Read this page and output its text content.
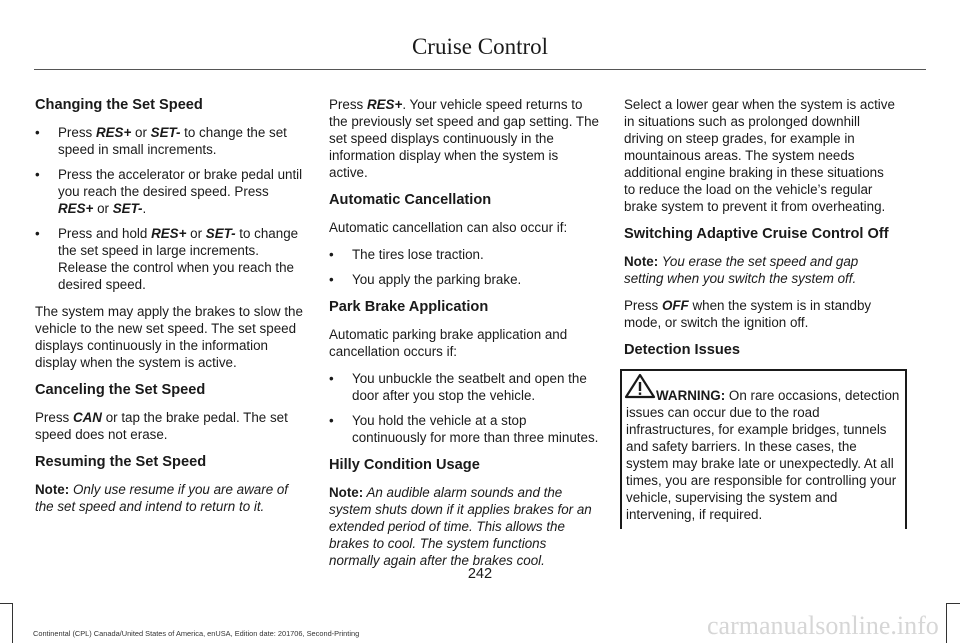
Cruise Control
Changing the Set Speed
• Press RES+ or SET- to change the set speed in small increments.
• Press the accelerator or brake pedal until you reach the desired speed. Press RES+ or SET-.
• Press and hold RES+ or SET- to change the set speed in large increments. Release the control when you reach the desired speed.

The system may apply the brakes to slow the vehicle to the new set speed. The set speed displays continuously in the information display when the system is active.

Canceling the Set Speed

Press CAN or tap the brake pedal. The set speed does not erase.

Resuming the Set Speed

Note: Only use resume if you are aware of the set speed and intend to return to it.

Press RES+. Your vehicle speed returns to the previously set speed and gap setting. The set speed displays continuously in the information display when the system is active.

Automatic Cancellation

Automatic cancellation can also occur if:

• The tires lose traction.
• You apply the parking brake.
Park Brake Application

Automatic parking brake application and cancellation occurs if:

• You unbuckle the seatbelt and open the door after you stop the vehicle.
• You hold the vehicle at a stop continuously for more than three minutes.
Hilly Condition Usage

Note: An audible alarm sounds and the system shuts down if it applies brakes for an extended period of time. This allows the brakes to cool. The system functions normally again after the brakes cool.

Select a lower gear when the system is active in situations such as prolonged downhill driving on steep grades, for example in mountainous areas. The system needs additional engine braking in these situations to reduce the load on the vehicle’s regular brake system to prevent it from overheating.

Switching Adaptive Cruise Control Off

Note: You erase the set speed and gap setting when you switch the system off.

Press OFF when the system is in standby mode, or switch the ignition off.

Detection Issues

WARNING: On rare occasions, detection issues can occur due to the road infrastructures, for example bridges, tunnels and safety barriers. In these cases, the system may brake late or unexpectedly. At all times, you are responsible for controlling your vehicle, supervising the system and intervening, if required.

242
Continental (CPL) Canada/United States of America, enUSA, Edition date: 201706, Second-Printing	carmanualsonline.info
